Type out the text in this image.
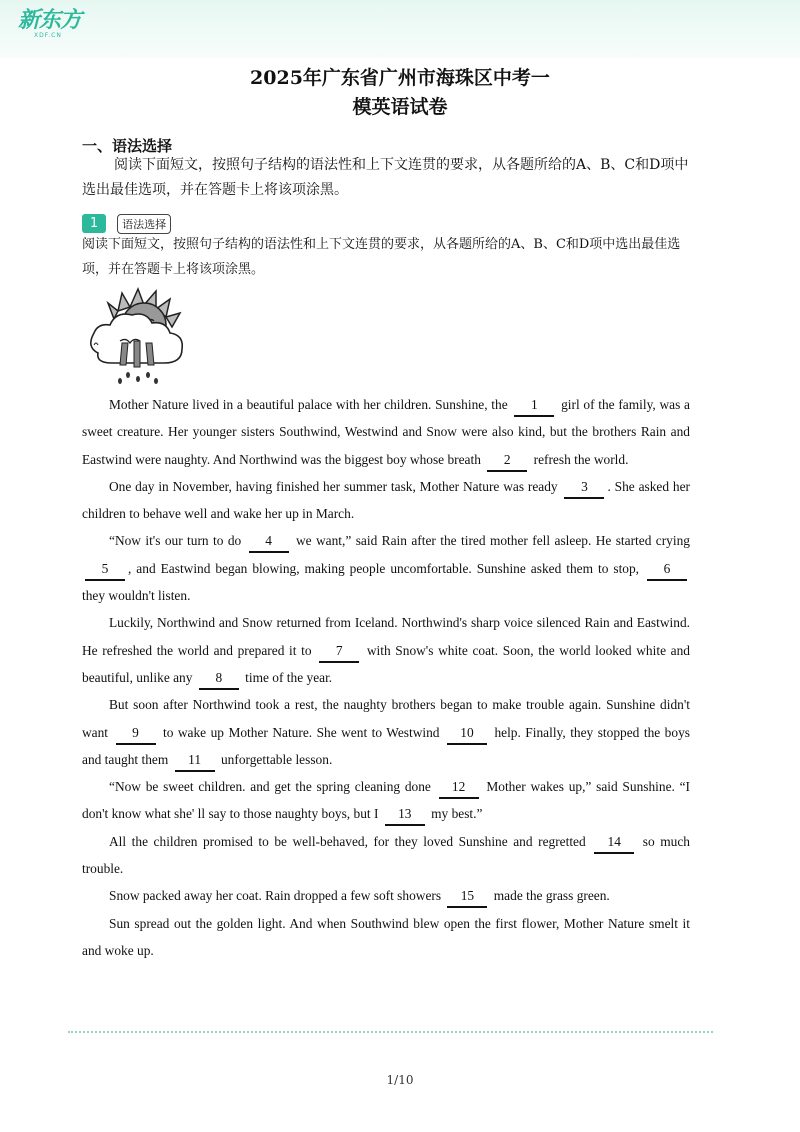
新东方
XDF.CN
2025年广东省广州市海珠区中考一
模英语试卷
一、语法选择
阅读下面短文，按照句子结构的语法性和上下文连贯的要求，从各题所给的A、B、C和D项中选出最佳选项，并在答题卡上将该项涂黑。
1 语法选择
阅读下面短文，按照句子结构的语法性和上下文连贯的要求，从各题所给的A、B、C和D项中选出最佳选项，并在答题卡上将该项涂黑。

Mother Nature lived in a beautiful palace with her children. Sunshine, the 1 girl of the family, was a sweet creature. Her younger sisters Southwind, Westwind and Snow were also kind, but the brothers Rain and Eastwind were naughty. And Northwind was the biggest boy whose breath 2 refresh the world.

One day in November, having finished her summer task, Mother Nature was ready 3 . She asked her children to behave well and wake her up in March.

“Now it's our turn to do 4 we want,” said Rain after the tired mother fell asleep. He started crying 5 , and Eastwind began blowing, making people uncomfortable. Sunshine asked them to stop, 6 they wouldn't listen.

Luckily, Northwind and Snow returned from Iceland. Northwind's sharp voice silenced Rain and Eastwind. He refreshed the world and prepared it to 7 with Snow's white coat. Soon, the world looked white and beautiful, unlike any 8 time of the year.

But soon after Northwind took a rest, the naughty brothers began to make trouble again. Sunshine didn't want 9 to wake up Mother Nature. She went to Westwind 10 help. Finally, they stopped the boys and taught them 11 unforgettable lesson.

“Now be sweet children. and get the spring cleaning done 12 Mother wakes up,” said Sunshine. “I don't know what she' ll say to those naughty boys, but I 13 my best.”

All the children promised to be well-behaved, for they loved Sunshine and regretted 14 so much trouble.

Snow packed away her coat. Rain dropped a few soft showers 15 made the grass green.

Sun spread out the golden light. And when Southwind blew open the first flower, Mother Nature smelt it and woke up.

1/10
